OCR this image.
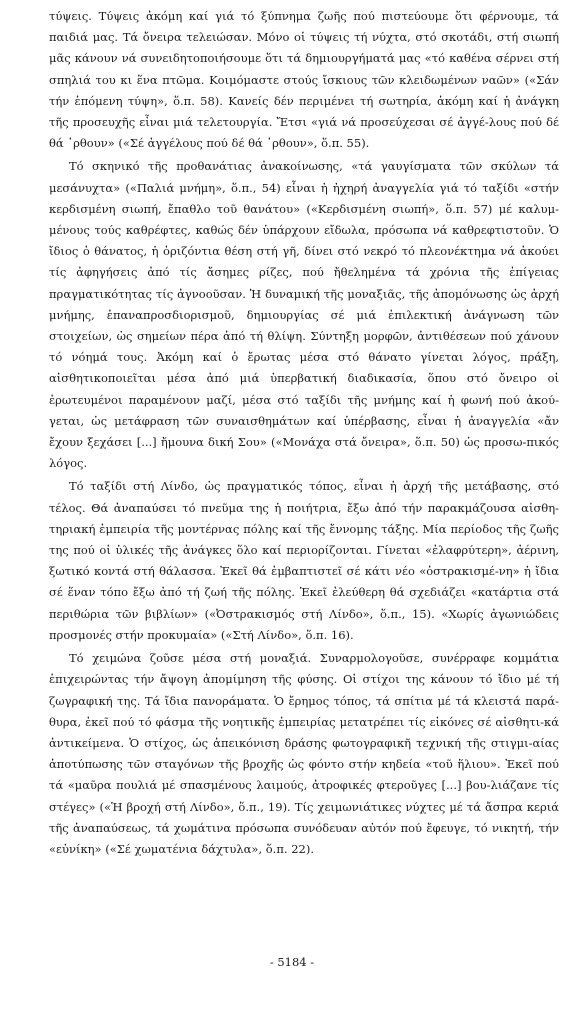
τύψεις. Τύψεις ἀκόμη καί γιά τό ξύπνημα ζωῆς πού πιστεύουμε ὅτι φέρνουμε, τά παιδιά μας. Τά ὄνειρα τελειώσαν. Μόνο οἱ τύψεις τή νύχτα, στό σκοτάδι, στή σιωπή μᾶς κάνουν νά συνειδητοποιήσουμε ὅτι τά δημιουργήματά μας «τό καθένα σέρνει στή σπηλιά του κι ἕνα πτῶμα. Κοιμόμαστε στούς ἴσκιους τῶν κλειδωμένων ναῶν» («Σάν τήν ἑπόμενη τύψη», ὅ.π. 58). Κανείς δέν περιμένει τή σωτηρία, ἀκόμη καί ἡ ἀνάγκη τῆς προσευχῆς εἶναι μιά τελετουργία. Ἔτσι «γιά νά προσεύχεσαι σέ ἀγγέ-λους πού δέ θά ᾽ρθουν» («Σέ ἀγγέλους πού δέ θά ᾽ρθουν», ὅ.π. 55).

Τό σκηνικό τῆς προθανάτιας ἀνακοίνωσης, «τά γαυγίσματα τῶν σκύλων τά μεσάνυχτα» («Παλιά μνήμη», ὅ.π., 54) εἶναι ἡ ἠχηρή ἀναγγελία γιά τό ταξίδι «στήν κερδισμένη σιωπή, ἔπαθλο τοῦ θανάτου» («Κερδισμένη σιωπή», ὅ.π. 57) μέ καλυμ-μένους τούς καθρέφτες, καθώς δέν ὑπάρχουν εἴδωλα, πρόσωπα νά καθρεφτιστοῦν. Ὁ ἴδιος ὁ θάνατος, ἡ ὁριζόντια θέση στή γῆ, δίνει στό νεκρό τό πλεονέκτημα νά ἀκούει τίς ἀφηγήσεις ἀπό τίς ἄσημες ρίζες, πού ἤθελημένα τά χρόνια τῆς ἐπίγειας πραγματικότητας τίς ἀγνοοῦσαν. Ἡ δυναμική τῆς μοναξιᾶς, τῆς ἀπομόνωσης ὡς ἀρχή μνήμης, ἐπαναπροσδιορισμοῦ, δημιουργίας σέ μιά ἐπιλεκτική ἀνάγνωση τῶν στοιχείων, ὡς σημείων πέρα ἀπό τή θλίψη. Σύντηξη μορφῶν, ἀντιθέσεων πού χάνουν τό νόημά τους. Ἀκόμη καί ὁ ἔρωτας μέσα στό θάνατο γίνεται λόγος, πράξη, αἰσθητικοποιεῖται μέσα ἀπό μιά ὑπερβατική διαδικασία, ὅπου στό ὄνειρο οἱ ἐρωτευμένοι παραμένουν μαζί, μέσα στό ταξίδι τῆς μνήμης καί ἡ φωνή πού ἀκού-γεται, ὡς μετάφραση τῶν συναισθημάτων καί ὑπέρβασης, εἶναι ἡ ἀναγγελία «ἄν ἔχουν ξεχάσει [...] ἤμουνα δική Σου» («Μονάχα στά ὄνειρα», ὅ.π. 50) ὡς προσω-πικός λόγος.

Τό ταξίδι στή Λίνδο, ὡς πραγματικός τόπος, εἶναι ἡ ἀρχή τῆς μετάβασης, στό τέλος. Θά ἀναπαύσει τό πνεῦμα της ἡ ποιήτρια, ἔξω ἀπό τήν παρακμάζουσα αἰσθη-τηριακή ἐμπειρία τῆς μοντέρνας πόλης καί τῆς ἔννομης τάξης. Μία περίοδος τῆς ζωῆς της πού οἱ ὑλικές τῆς ἀνάγκες ὅλο καί περιορίζονται. Γίνεται «ἐλαφρύτερη», ἀέρινη, ξωτικό κοντά στή θάλασσα. Ἐκεῖ θά ἐμβαπτιστεῖ σέ κάτι νέο «ὀστρακισμέ-νη» ἡ ἴδια σέ ἕναν τόπο ἔξω ἀπό τή ζωή τῆς πόλης. Ἐκεῖ ἐλεύθερη θά σχεδιάζει «κατάρτια στά περιθώρια τῶν βιβλίων» («Ὀστρακισμός στή Λίνδο», ὅ.π., 15). «Χωρίς ἀγωνιώδεις προσμονές στήν προκυμαία» («Στή Λίνδο», ὅ.π. 16).

Τό χειμώνα ζοῦσε μέσα στή μοναξιά. Συναρμολογοῦσε, συνέρραφε κομμάτια ἐπιχειρώντας τήν ἄψογη ἀπομίμηση τῆς φύσης. Οἱ στίχοι της κάνουν τό ἴδιο μέ τή ζωγραφική της. Τά ἴδια πανοράματα. Ὁ ἔρημος τόπος, τά σπίτια μέ τά κλειστά παρά-θυρα, ἐκεῖ πού τό φάσμα τῆς νοητικῆς ἐμπειρίας μετατρέπει τίς εἰκόνες σέ αἰσθητι-κά ἀντικείμενα. Ὁ στίχος, ὡς ἀπεικόνιση δράσης φωτογραφικῆ τεχνική τῆς στιγμι-αίας ἀποτύπωσης τῶν σταγόνων τῆς βροχῆς ὡς φόντο στήν κηδεία «τοῦ ἥλιου». Ἐκεῖ πού τά «μαῦρα πουλιά μέ σπασμένους λαιμούς, ἀτροφικές φτεροῦγες [...] βου-λιάζανε τίς στέγες» («Ἡ βροχή στή Λίνδο», ὅ.π., 19). Τίς χειμωνιάτικες νύχτες μέ τά ἄσπρα κεριά τῆς ἀναπαύσεως, τά χωμάτινα πρόσωπα συνόδευαν αὐτόν πού ἔφευγε, τό νικητή, τήν «εὐνίκη» («Σέ χωματένια δάχτυλα», ὅ.π. 22).

- 5184 -
